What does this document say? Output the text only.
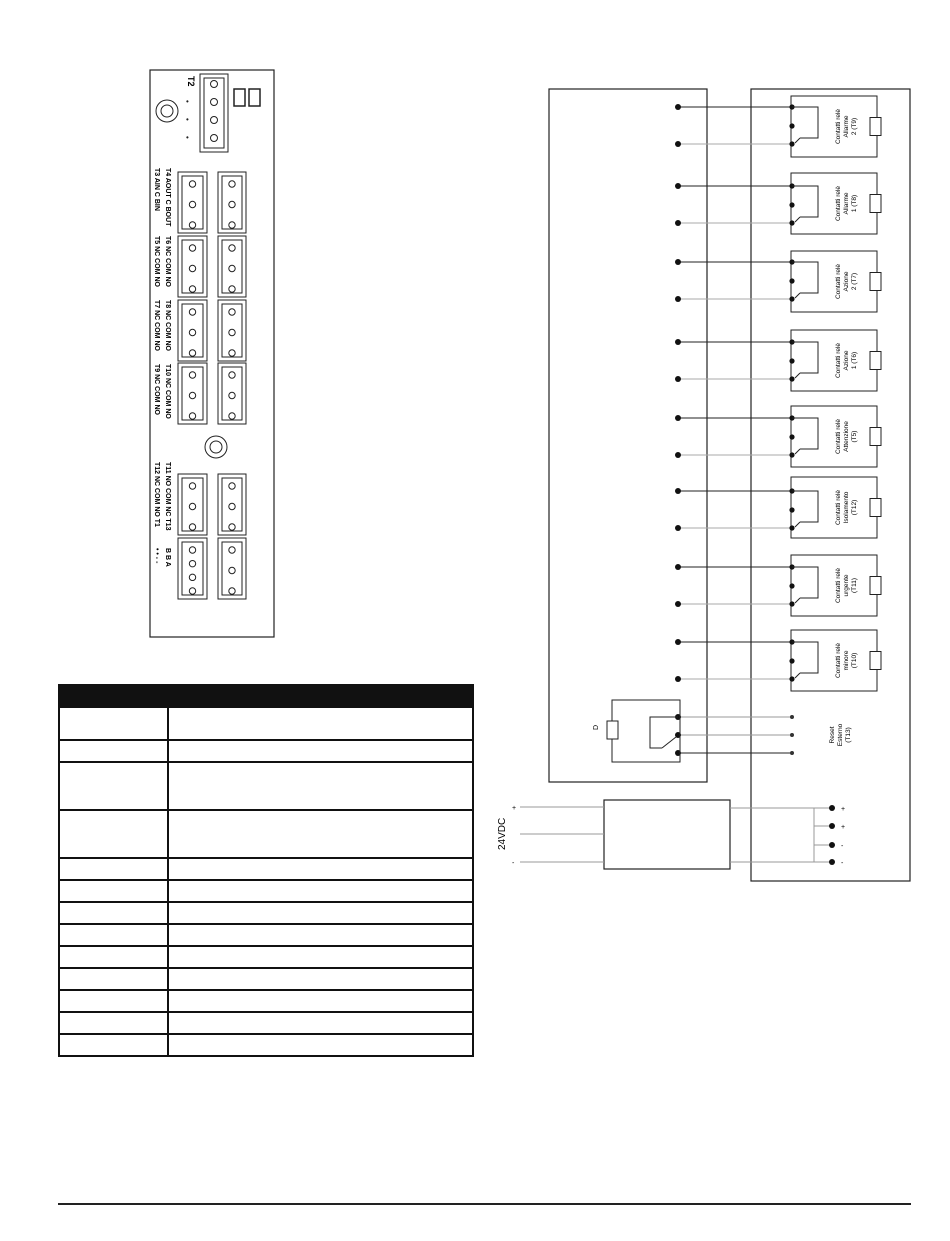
T2
•
•
•
T4 AOUT C BOUT
T3 AIN C BIN
T6 NC COM NO
T5 NC COM NO
T8 NC COM NO
T7 NC COM NO
T10 NC COM NO
T9 NC COM NO
T11 NO COM NC T13
T12 NC COM NO T1
B B A
• • - -
Contatti relèAllarme2 (T9)
Contatti relèAllarme1 (T8)
Contatti relèAzione2 (T7)
Contatti relèAzione1 (T6)
Contatti relèAttenzione(T5)
Contatti relèIsolamento(T12)
Contatti relèurgente(T11)
Contatti relèminore(T10)
ResetEsterno(T13)
D
24VDC
+
-
+
+
-
-
